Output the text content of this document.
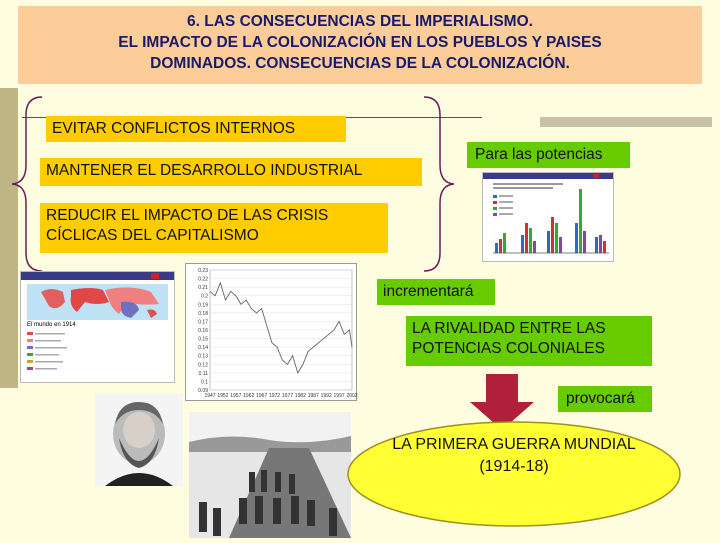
6. LAS CONSECUENCIAS DEL IMPERIALISMO.
EL IMPACTO DE LA COLONIZACIÓN EN LOS PUEBLOS Y PAISES
DOMINADOS. CONSECUENCIAS DE LA COLONIZACIÓN.
EVITAR CONFLICTOS INTERNOS
MANTENER EL DESARROLLO INDUSTRIAL
REDUCIR EL IMPACTO DE LAS CRISIS
CÍCLICAS DEL CAPITALISMO
Para las potencias
El mundo en 1914
0.23
0.22
0.21
0.2
0.19
0.18
0.17
0.16
0.15
0.14
0.13
0.12
0.11
0.1
0.09
1947 1952 1957 1962 1967 1972 1977 1982 1987 1992 1997 2002
incrementará
LA RIVALIDAD ENTRE LAS
POTENCIAS COLONIALES
provocará
LA PRIMERA GUERRA MUNDIAL
(1914-18)
